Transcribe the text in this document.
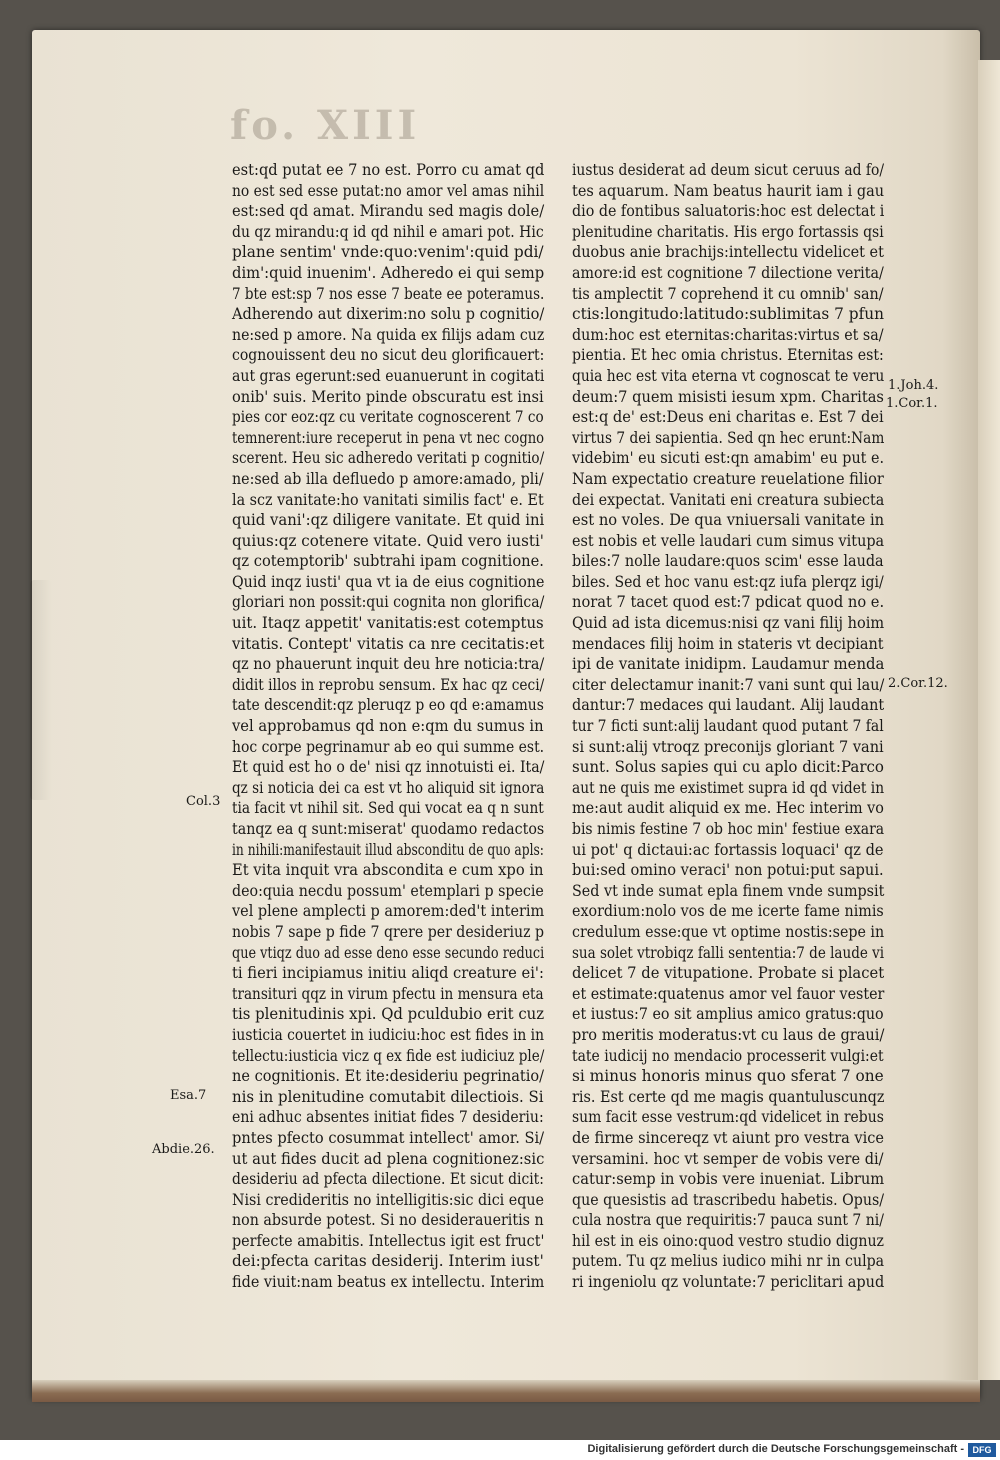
fo. XIII
est:qd putat ee 7 no est. Porro cu amat qd
no est sed esse putat:no amor vel amas nihil
est:sed qd amat. Mirandu sed magis dole/
du qz mirandu:q id qd nihil e amari pot. Hic
plane sentim' vnde:quo:venim':quid pdi/
dim':quid inuenim'. Adheredo ei qui semp
7 bte est:sp 7 nos esse 7 beate ee poteramus.
Adherendo aut dixerim:no solu p cognitio/
ne:sed p amore. Na quida ex filijs adam cuz
cognouissent deu no sicut deu glorificauert:
aut gras egerunt:sed euanuerunt in cogitati
onib' suis. Merito pinde obscuratu est insi
pies cor eoz:qz cu veritate cognoscerent 7 co
temnerent:iure receperut in pena vt nec cogno
scerent. Heu sic adheredo veritati p cognitio/
ne:sed ab illa defluedo p amore:amado, pli/
la scz vanitate:ho vanitati similis fact' e. Et
quid vani':qz diligere vanitate. Et quid ini
quius:qz cotenere vitate. Quid vero iusti'
qz cotemptorib' subtrahi ipam cognitione.
Quid inqz iusti' qua vt ia de eius cognitione
gloriari non possit:qui cognita non glorifica/
uit. Itaqz appetit' vanitatis:est cotemptus
vitatis. Contept' vitatis ca nre cecitatis:et
qz no phauerunt inquit deu hre noticia:tra/
didit illos in reprobu sensum. Ex hac qz ceci/
tate descendit:qz pleruqz p eo qd e:amamus
vel approbamus qd non e:qm du sumus in
hoc corpe pegrinamur ab eo qui summe est.
Et quid est ho o de' nisi qz innotuisti ei. Ita/
qz si noticia dei ca est vt ho aliquid sit ignora
tia facit vt nihil sit. Sed qui vocat ea q n sunt
tanqz ea q sunt:miserat' quodamo redactos
in nihili:manifestauit illud absconditu de quo apls:
Et vita inquit vra abscondita e cum xpo in
deo:quia necdu possum' etemplari p specie
vel plene amplecti p amorem:ded't interim
nobis 7 sape p fide 7 qrere per desideriuz p
que vtiqz duo ad esse deno esse secundo reduci
ti fieri incipiamus initiu aliqd creature ei':
transituri qqz in virum pfectu in mensura eta
tis plenitudinis xpi. Qd pculdubio erit cuz
iusticia couertet in iudiciu:hoc est fides in in
tellectu:iusticia vicz q ex fide est iudiciuz ple/
ne cognitionis. Et ite:desideriu pegrinatio/
nis in plenitudine comutabit dilectiois. Si
eni adhuc absentes initiat fides 7 desideriu:
pntes pfecto cosummat intellect' amor. Si/
ut aut fides ducit ad plena cognitionez:sic
desideriu ad pfecta dilectione. Et sicut dicit:
Nisi credideritis no intelligitis:sic dici eque
non absurde potest. Si no desideraueritis n
perfecte amabitis. Intellectus igit est fruct'
dei:pfecta caritas desiderij. Interim iust'
fide viuit:nam beatus ex intellectu. Interim
iustus desiderat ad deum sicut ceruus ad fo/
tes aquarum. Nam beatus haurit iam i gau
dio de fontibus saluatoris:hoc est delectat i
plenitudine charitatis. His ergo fortassis qsi
duobus anie brachijs:intellectu videlicet et
amore:id est cognitione 7 dilectione verita/
tis amplectit 7 coprehend it cu omnib' san/
ctis:longitudo:latitudo:sublimitas 7 pfun
dum:hoc est eternitas:charitas:virtus et sa/
pientia. Et hec omia christus. Eternitas est:
quia hec est vita eterna vt cognoscat te veru
deum:7 quem misisti iesum xpm. Charitas
est:q de' est:Deus eni charitas e. Est 7 dei
virtus 7 dei sapientia. Sed qn hec erunt:Nam
videbim' eu sicuti est:qn amabim' eu put e.
Nam expectatio creature reuelatione filior
dei expectat. Vanitati eni creatura subiecta
est no voles. De qua vniuersali vanitate in
est nobis et velle laudari cum simus vitupa
biles:7 nolle laudare:quos scim' esse lauda
biles. Sed et hoc vanu est:qz iufa plerqz igi/
norat 7 tacet quod est:7 pdicat quod no e.
Quid ad ista dicemus:nisi qz vani filij hoim
mendaces filij hoim in stateris vt decipiant
ipi de vanitate inidipm. Laudamur menda
citer delectamur inanit:7 vani sunt qui lau/
dantur:7 medaces qui laudant. Alij laudant
tur 7 ficti sunt:alij laudant quod putant 7 fal
si sunt:alij vtroqz preconijs gloriant 7 vani
sunt. Solus sapies qui cu aplo dicit:Parco
aut ne quis me existimet supra id qd videt in
me:aut audit aliquid ex me. Hec interim vo
bis nimis festine 7 ob hoc min' festiue exara
ui pot' q dictaui:ac fortassis loquaci' qz de
bui:sed omino veraci' non potui:put sapui.
Sed vt inde sumat epla finem vnde sumpsit
exordium:nolo vos de me icerte fame nimis
credulum esse:que vt optime nostis:sepe in
sua solet vtrobiqz falli sententia:7 de laude vi
delicet 7 de vitupatione. Probate si placet
et estimate:quatenus amor vel fauor vester
et iustus:7 eo sit amplius amico gratus:quo
pro meritis moderatus:vt cu laus de graui/
tate iudicij no mendacio processerit vulgi:et
si minus honoris minus quo sferat 7 one
ris. Est certe qd me magis quantuluscunqz
sum facit esse vestrum:qd videlicet in rebus
de firme sincereqz vt aiunt pro vestra vice
versamini. hoc vt semper de vobis vere di/
catur:semp in vobis vere inueniat. Librum
que quesistis ad trascribedu habetis. Opus/
cula nostra que requiritis:7 pauca sunt 7 ni/
hil est in eis oino:quod vestro studio dignuz
putem. Tu qz melius iudico mihi nr in culpa
ri ingeniolu qz voluntate:7 periclitari apud
Col.3
Esa.7
Abdie.26.
1.Joh.4.
1.Cor.1.
2.Cor.12.
Digitalisierung gefördert durch die Deutsche Forschungsgemeinschaft - DFG
